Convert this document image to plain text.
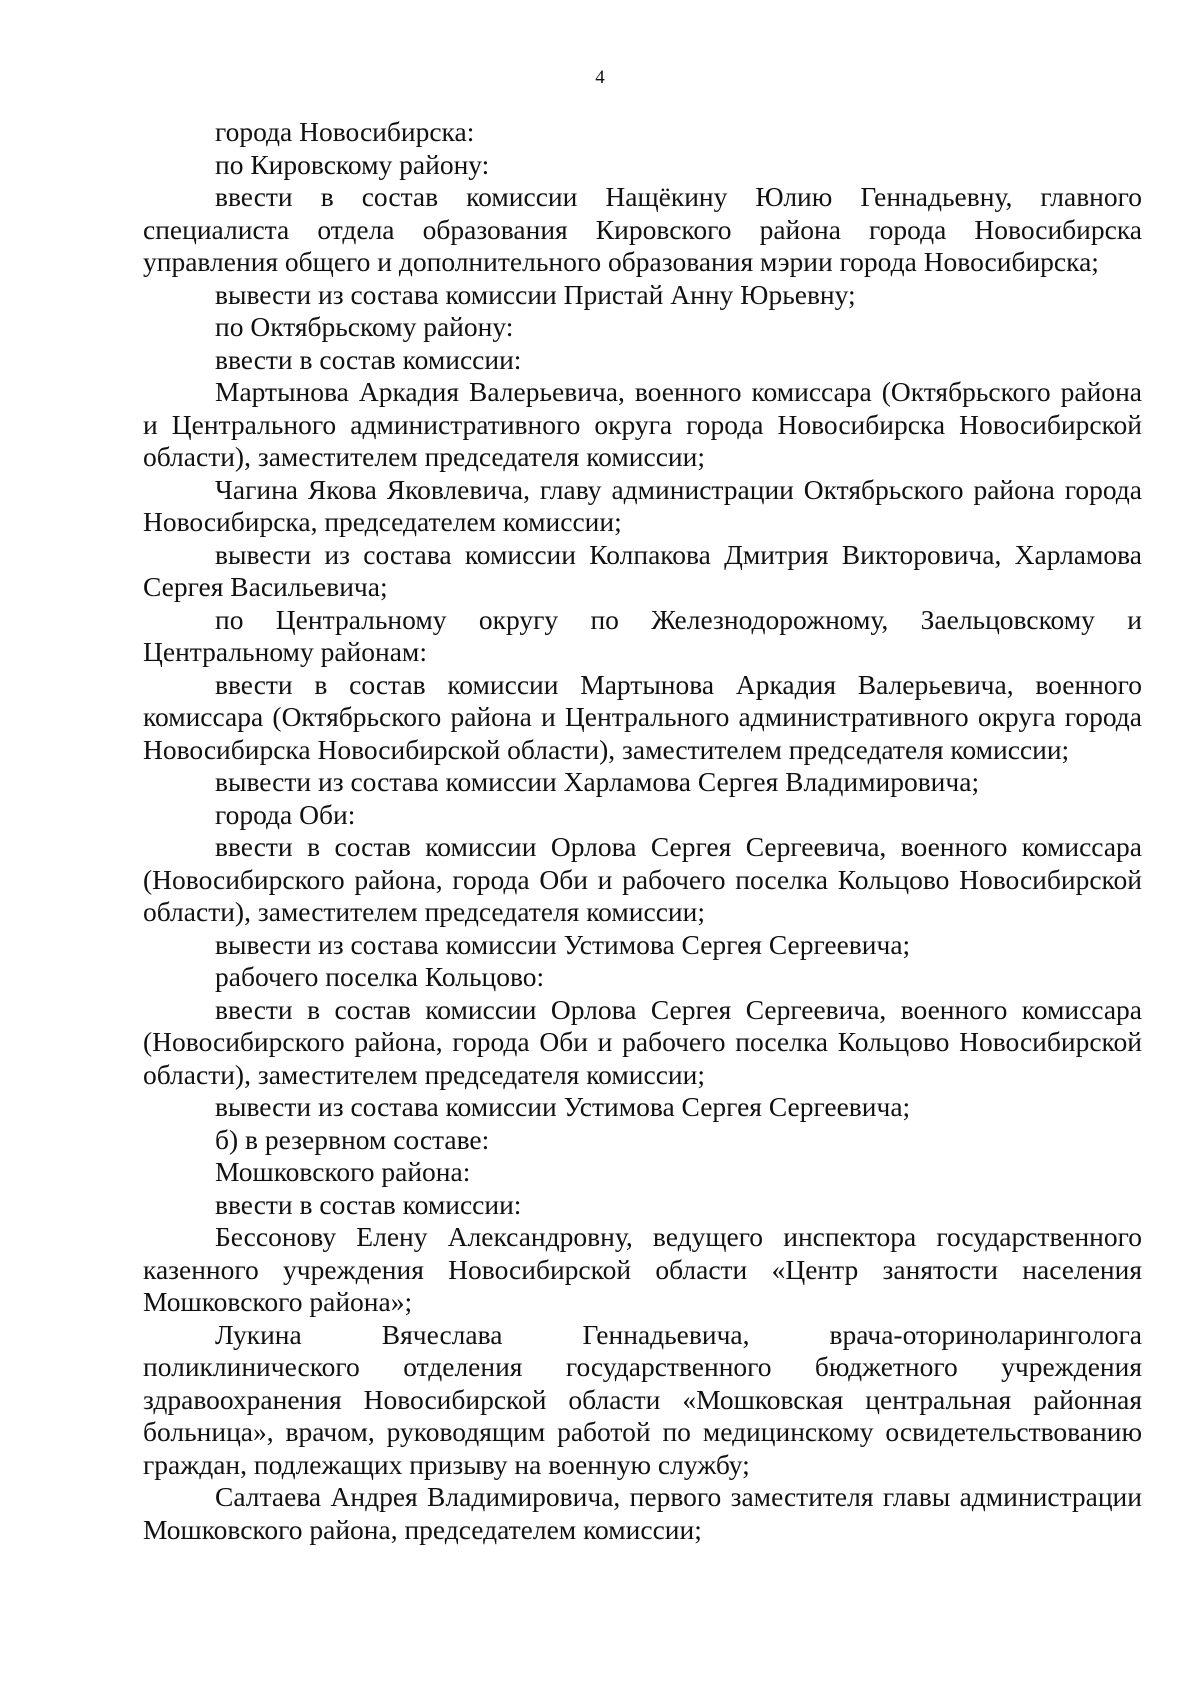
4

города Новосибирска:

по Кировскому району:

ввести в состав комиссии Нащёкину Юлию Геннадьевну, главного специалиста отдела образования Кировского района города Новосибирска управления общего и дополнительного образования мэрии города Новосибирска;

вывести из состава комиссии Пристай Анну Юрьевну;

по Октябрьскому району:

ввести в состав комиссии:

Мартынова Аркадия Валерьевича, военного комиссара (Октябрьского района и Центрального административного округа города Новосибирска Новосибирской области), заместителем председателя комиссии;

Чагина Якова Яковлевича, главу администрации Октябрьского района города Новосибирска, председателем комиссии;

вывести из состава комиссии Колпакова Дмитрия Викторовича, Харламова Сергея Васильевича;

по Центральному округу по Железнодорожному, Заельцовскому и Центральному районам:

ввести в состав комиссии Мартынова Аркадия Валерьевича, военного комиссара (Октябрьского района и Центрального административного округа города Новосибирска Новосибирской области), заместителем председателя комиссии;

вывести из состава комиссии Харламова Сергея Владимировича;

города Оби:

ввести в состав комиссии Орлова Сергея Сергеевича, военного комиссара (Новосибирского района, города Оби и рабочего поселка Кольцово Новосибирской области), заместителем председателя комиссии;

вывести из состава комиссии Устимова Сергея Сергеевича;

рабочего поселка Кольцово:

ввести в состав комиссии Орлова Сергея Сергеевича, военного комиссара (Новосибирского района, города Оби и рабочего поселка Кольцово Новосибирской области), заместителем председателя комиссии;

вывести из состава комиссии Устимова Сергея Сергеевича;

б) в резервном составе:

Мошковского района:

ввести в состав комиссии:

Бессонову Елену Александровну, ведущего инспектора государственного казенного учреждения Новосибирской области «Центр занятости населения Мошковского района»;

Лукина Вячеслава Геннадьевича, врача-оториноларинголога поликлинического отделения государственного бюджетного учреждения здравоохранения Новосибирской области «Мошковская центральная районная больница», врачом, руководящим работой по медицинскому освидетельствованию граждан, подлежащих призыву на военную службу;

Салтаева Андрея Владимировича, первого заместителя главы администрации Мошковского района, председателем комиссии;
